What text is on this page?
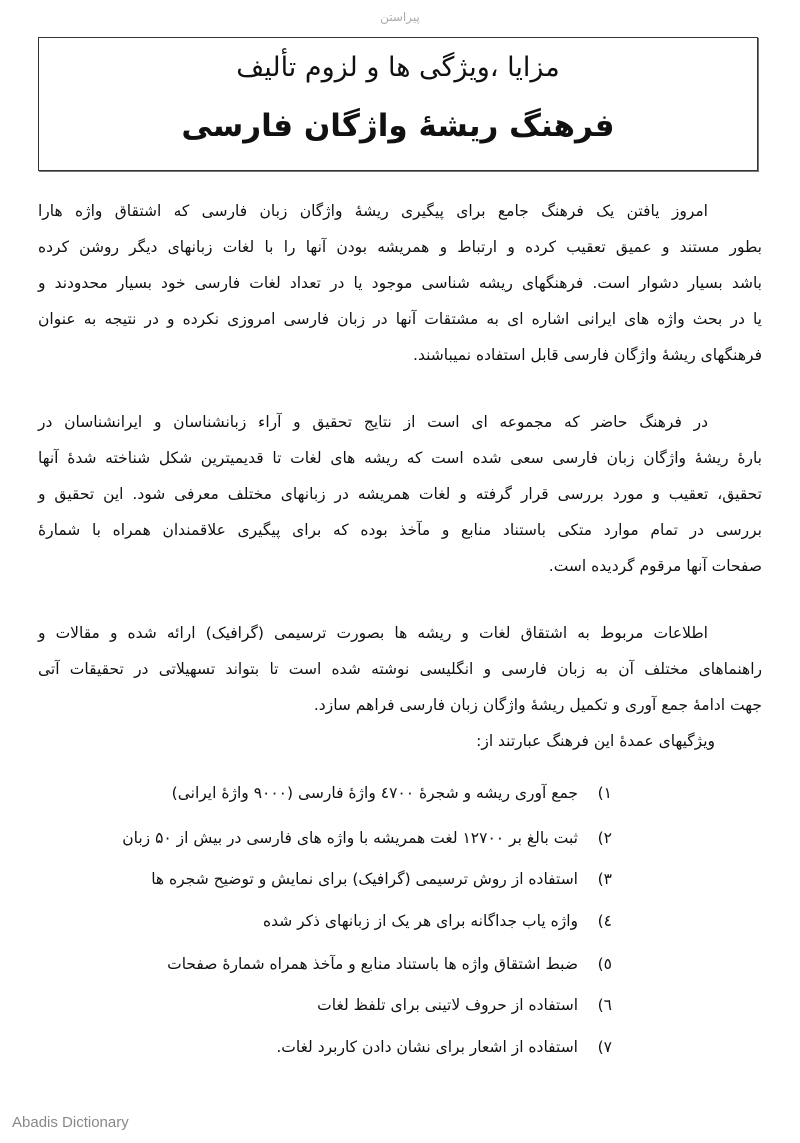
پیراستن
مزایا ،ویژگی ها و لزوم تألیف
فرهنگ ریشهٔ واژگان فارسی
امروز یافتن یک فرهنگ جامع برای پیگیری ریشهٔ واژگان زبان فارسی که اشتقاق واژه هارا
بطور مستند و عمیق تعقیب کرده و ارتباط و همریشه بودن آنها را با لغات زبانهای دیگر روشن کرده
باشد بسیار دشوار است. فرهنگهای ریشه شناسی موجود یا در تعداد لغات فارسی خود بسیار محدودند و
یا در بحث واژه های ایرانی اشاره ای به مشتقات آنها در زبان فارسی امروزی نکرده و در نتیجه به عنوان
فرهنگهای ریشهٔ واژگان فارسی قابل استفاده نمیباشند.
در فرهنگ حاضر که مجموعه ای است از نتایج تحقیق و آراء زبانشناسان و ایرانشناسان در
بارهٔ ریشهٔ واژگان زبان فارسی سعی شده است که ریشه های لغات تا قدیمیترین شکل شناخته شدهٔ آنها
تحقیق، تعقیب و مورد بررسی قرار گرفته و لغات همریشه در زبانهای مختلف معرفی شود. این تحقیق و
بررسی در تمام موارد متکی باستناد منابع و مآخذ بوده که برای پیگیری علاقمندان همراه با شمارهٔ
صفحات آنها مرقوم گردیده است.
اطلاعات مربوط به اشتقاق لغات و ریشه ها بصورت ترسیمی (گرافیک) ارائه شده و مقالات و
راهنماهای مختلف آن به زبان فارسی و انگلیسی نوشته شده است تا بتواند تسهیلاتی در تحقیقات آتی
جهت ادامهٔ جمع آوری و تکمیل ریشهٔ واژگان زبان فارسی فراهم سازد.
ویژگیهای عمدهٔ این فرهنگ عبارتند از:
۱)
جمع آوری ریشه و شجرهٔ ٤۷۰۰ واژهٔ فارسی (۹۰۰۰ واژهٔ ایرانی)
۲)
ثبت بالغ بر ۱۲۷۰۰ لغت همریشه با واژه های فارسی در بیش از ۵۰ زبان
۳)
استفاده از روش ترسیمی (گرافیک) برای نمایش و توضیح شجره ها
٤)
واژه یاب جداگانه برای هر یک از زبانهای ذکر شده
٥)
ضبط اشتقاق واژه ها باستناد منابع و مآخذ همراه شمارهٔ صفحات
٦)
استفاده از حروف لاتینی برای تلفظ لغات
۷)
استفاده از اشعار برای نشان دادن کاربرد لغات.
Abadis Dictionary
